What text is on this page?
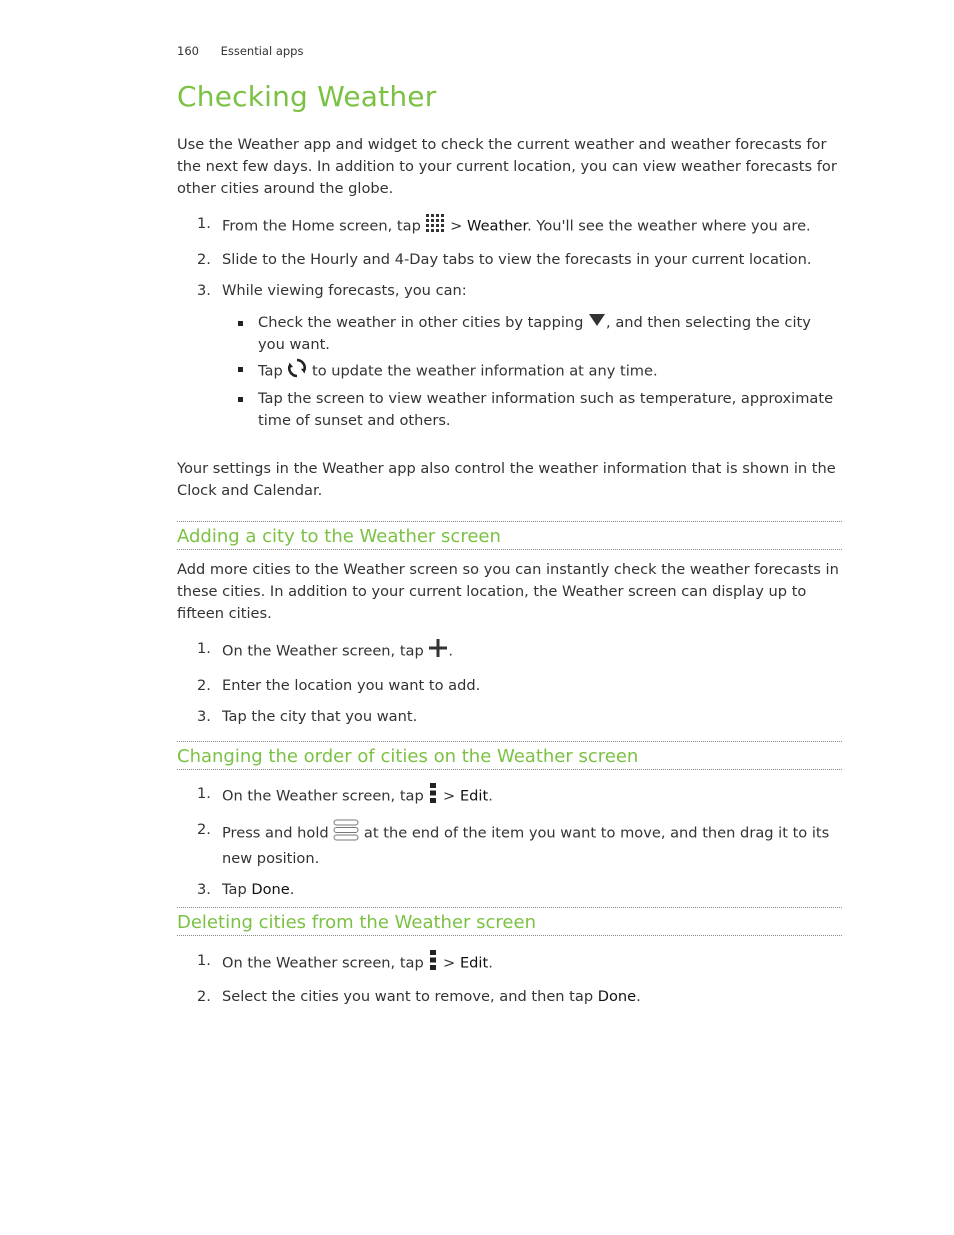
160 Essential apps
Checking Weather

Use the Weather app and widget to check the current weather and weather forecasts for the next few days. In addition to your current location, you can view weather forecasts for other cities around the globe.

1. From the Home screen, tap  > Weather. You'll see the weather where you are.
2. Slide to the Hourly and 4-Day tabs to view the forecasts in your current location.
3. While viewing forecasts, you can:
Check the weather in other cities by tapping , and then selecting the city you want.
Tap  to update the weather information at any time.
Tap the screen to view weather information such as temperature, approximate time of sunset and others.

Your settings in the Weather app also control the weather information that is shown in the Clock and Calendar.

Adding a city to the Weather screen

Add more cities to the Weather screen so you can instantly check the weather forecasts in these cities. In addition to your current location, the Weather screen can display up to fifteen cities.

1. On the Weather screen, tap .
2. Enter the location you want to add.
3. Tap the city that you want.
Changing the order of cities on the Weather screen
1. On the Weather screen, tap  > Edit.
2. Press and hold  at the end of the item you want to move, and then drag it to its new position.
3. Tap Done.
Deleting cities from the Weather screen
1. On the Weather screen, tap  > Edit.
2. Select the cities you want to remove, and then tap Done.
